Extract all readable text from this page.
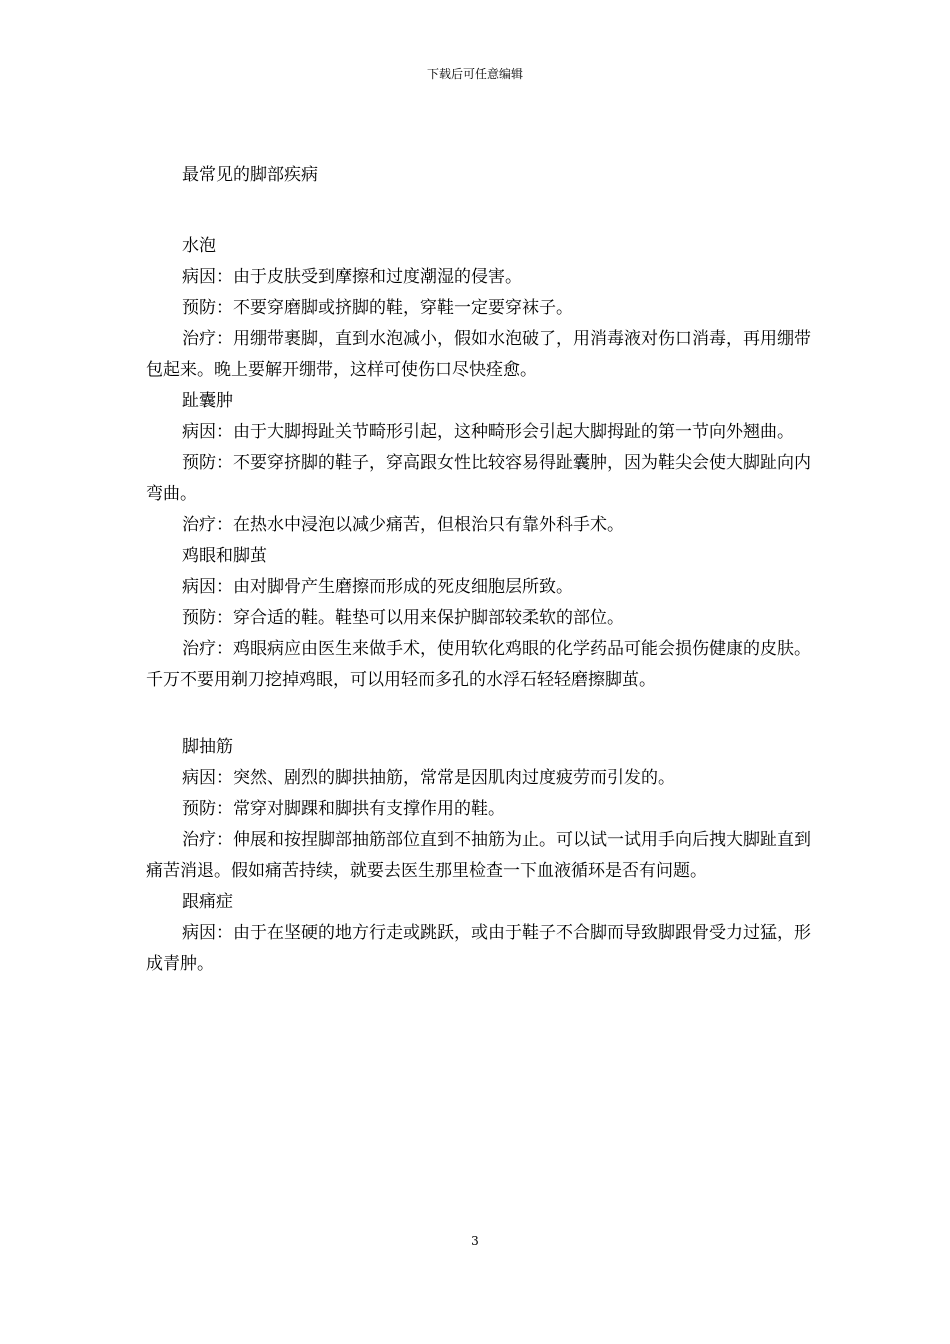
下载后可任意编辑

最常见的脚部疾病

水泡

病因：由于皮肤受到摩擦和过度潮湿的侵害。

预防：不要穿磨脚或挤脚的鞋，穿鞋一定要穿袜子。

治疗：用绷带裹脚，直到水泡减小，假如水泡破了，用消毒液对伤口消毒，再用绷带包起来。晚上要解开绷带，这样可使伤口尽快痊愈。

趾囊肿

病因：由于大脚拇趾关节畸形引起，这种畸形会引起大脚拇趾的第一节向外翘曲。

预防：不要穿挤脚的鞋子，穿高跟女性比较容易得趾囊肿，因为鞋尖会使大脚趾向内弯曲。

治疗：在热水中浸泡以减少痛苦，但根治只有靠外科手术。

鸡眼和脚茧

病因：由对脚骨产生磨擦而形成的死皮细胞层所致。

预防：穿合适的鞋。鞋垫可以用来保护脚部较柔软的部位。

治疗：鸡眼病应由医生来做手术，使用软化鸡眼的化学药品可能会损伤健康的皮肤。千万不要用剃刀挖掉鸡眼，可以用轻而多孔的水浮石轻轻磨擦脚茧。

脚抽筋

病因：突然、剧烈的脚拱抽筋，常常是因肌肉过度疲劳而引发的。

预防：常穿对脚踝和脚拱有支撑作用的鞋。

治疗：伸展和按捏脚部抽筋部位直到不抽筋为止。可以试一试用手向后拽大脚趾直到痛苦消退。假如痛苦持续，就要去医生那里检查一下血液循环是否有问题。

跟痛症

病因：由于在坚硬的地方行走或跳跃，或由于鞋子不合脚而导致脚跟骨受力过猛，形成青肿。

3
